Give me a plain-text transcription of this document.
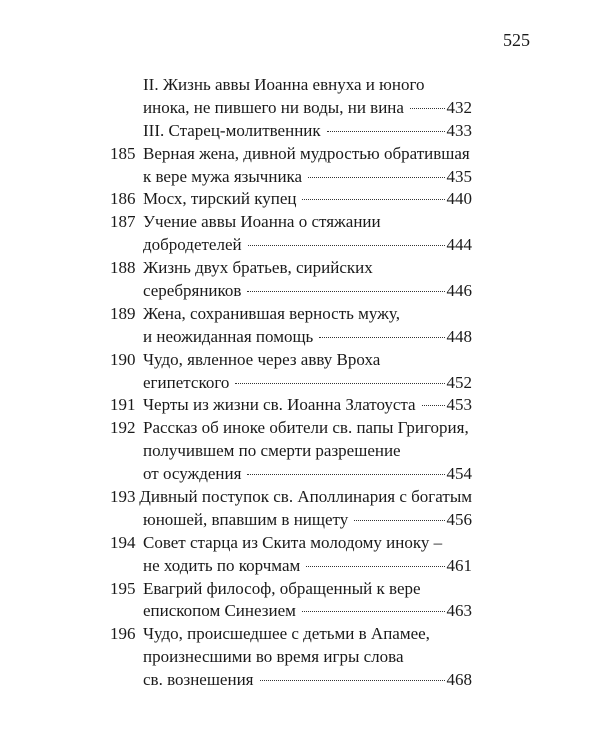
525
II. Жизнь аввы Иоанна евнуха и юного
инока, не пившего ни воды, ни вина	432
III. Старец-молитвенник	433
185 Верная жена, дивной мудростью обратившая
к вере мужа язычника	435
186 Мосх, тирский купец	440
187 Учение аввы Иоанна о стяжании
добродетелей	444
188 Жизнь двух братьев, сирийских
серебряников	446
189 Жена, сохранившая верность мужу,
и неожиданная помощь	448
190 Чудо, явленное через авву Вроха
египетского	452
191 Черты из жизни св. Иоанна Златоуста 453
192 Рассказ об иноке обители св. папы Григория,
получившем по смерти разрешение
от осуждения	454
193 Дивный поступок св. Аполлинария с богатым
юношей, впавшим в нищету	456
194 Совет старца из Скита молодому иноку –
не ходить по корчмам	461
195 Евагрий философ, обращенный к вере
епископом Синезием	463
196 Чудо, происшедшее с детьми в Апамее,
произнесшими во время игры слова
св. вознешения	468
